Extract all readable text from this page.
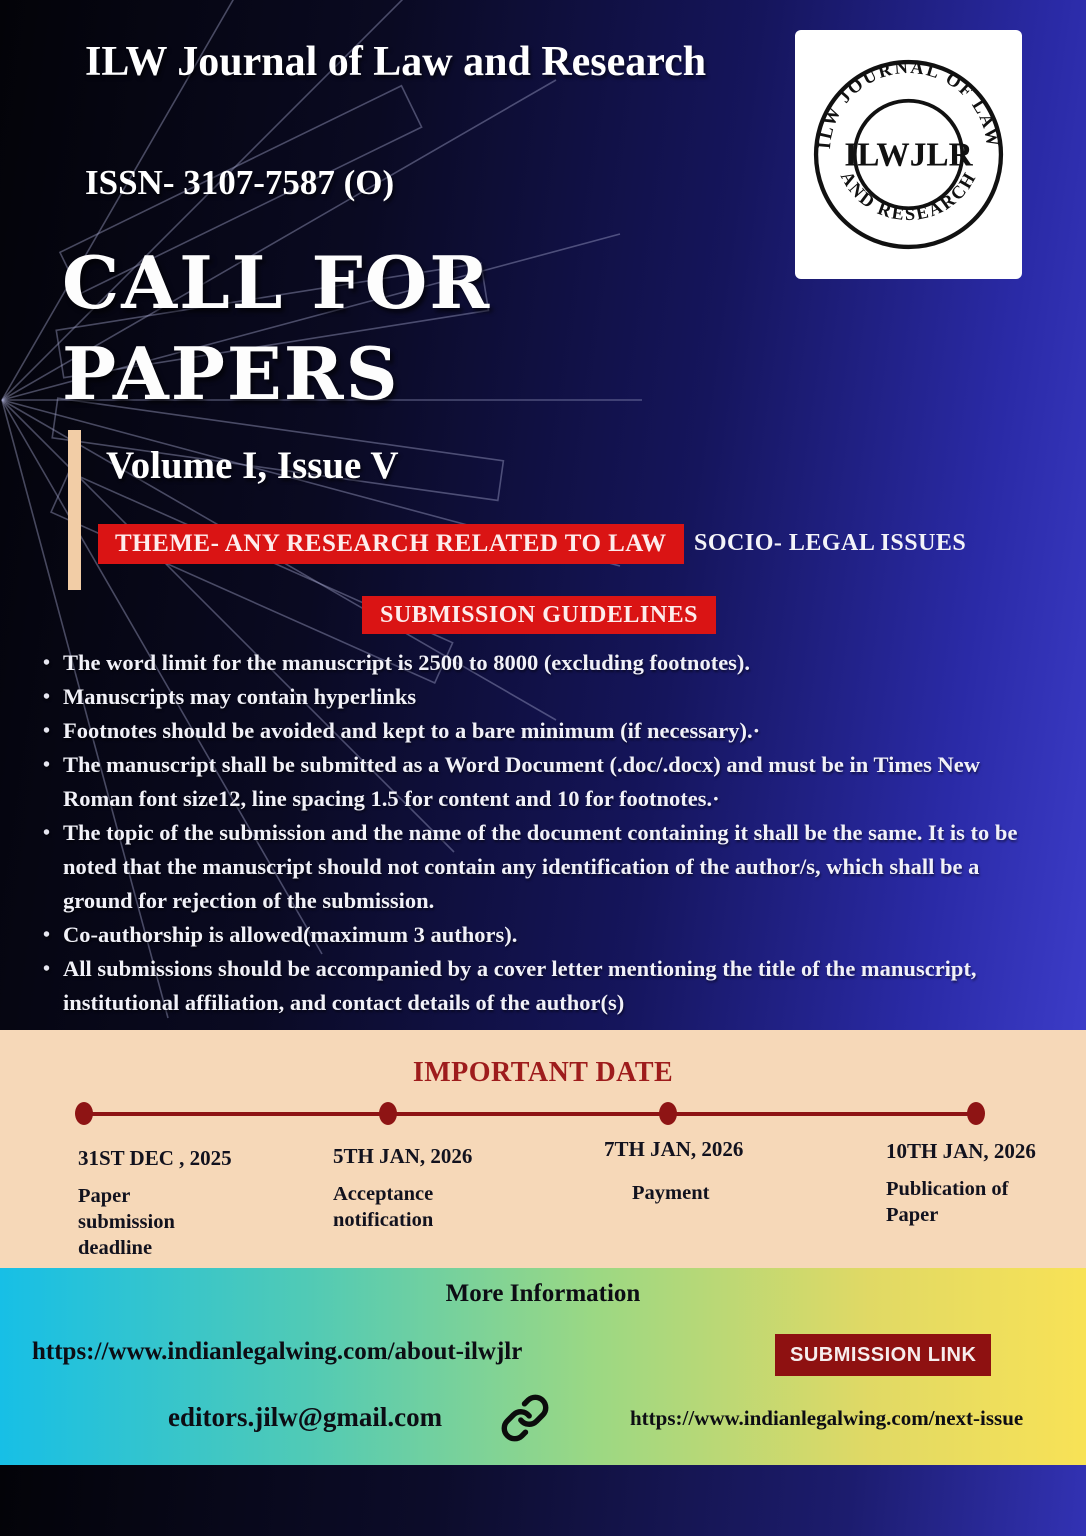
ILW Journal of Law and Research
ISSN- 3107-7587 (O)
CALL FOR
PAPERS
Volume I, Issue V
THEME- ANY RESEARCH RELATED TO LAW	SOCIO- LEGAL ISSUES
SUBMISSION GUIDELINES
• The word limit for the manuscript is 2500 to 8000 (excluding footnotes).
• Manuscripts may contain hyperlinks
• Footnotes should be avoided and kept to a bare minimum (if necessary).·
• The manuscript shall be submitted as a Word Document (.doc/.docx) and must be in Times New Roman font size12, line spacing 1.5 for content and 10 for footnotes.·
• The topic of the submission and the name of the document containing it shall be the same. It is to be noted that the manuscript should not contain any identification of the author/s, which shall be a ground for rejection of the submission.
• Co-authorship is allowed(maximum 3 authors).
• All submissions should be accompanied by a cover letter mentioning the title of the manuscript, institutional affiliation, and contact details of the author(s)
ILW JOURNAL OF LAW
AND RESEARCH
ILWJLR
IMPORTANT DATE
31ST DEC , 2025
Paper submission deadline
5TH JAN, 2026
Acceptance notification
7TH JAN, 2026
Payment
10TH JAN, 2026
Publication of Paper
More Information
https://www.indianlegalwing.com/about-ilwjlr	SUBMISSION LINK
editors.jilw@gmail.com	https://www.indianlegalwing.com/next-issue
